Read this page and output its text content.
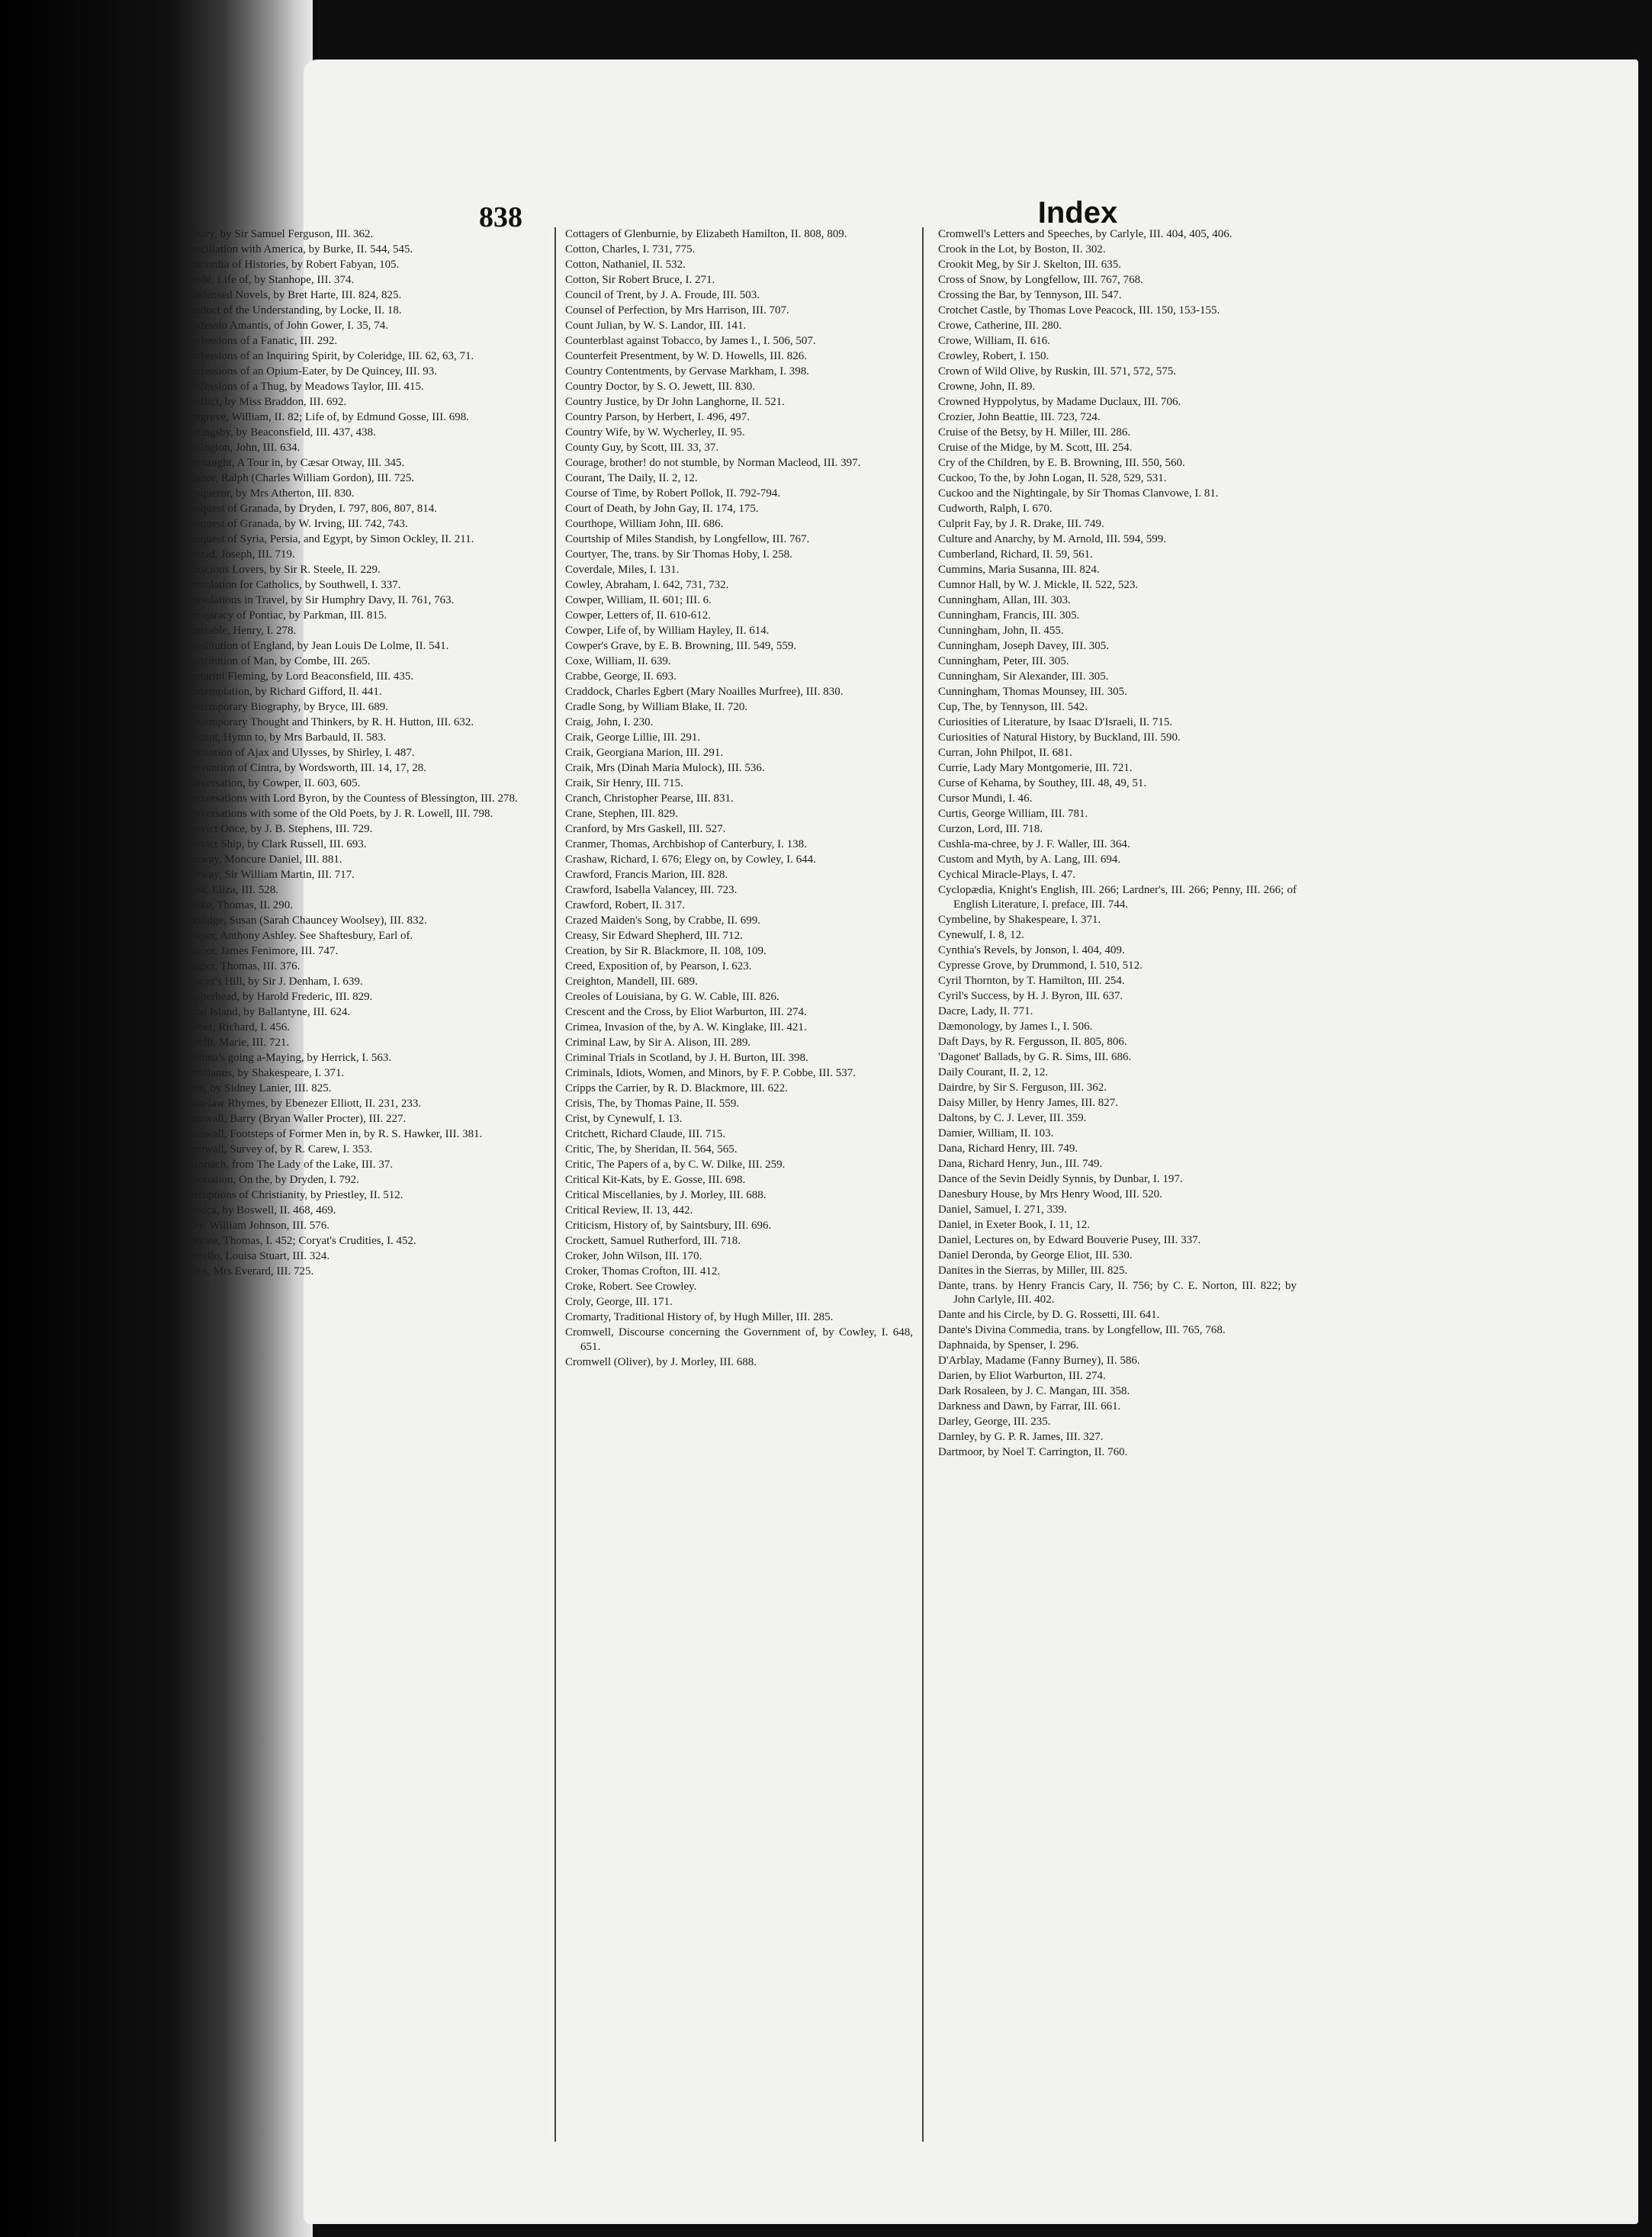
838	Index

Conary, by Sir Samuel Ferguson, III. 362.

Conciliation with America, by Burke, II. 544, 545.

Concordia of Histories, by Robert Fabyan, 105.

Condé, Life of, by Stanhope, III. 374.

Condensed Novels, by Bret Harte, III. 824, 825.

Conduct of the Understanding, by Locke, II. 18.

Confessio Amantis, of John Gower, I. 35, 74.

Confessions of a Fanatic, III. 292.

Confessions of an Inquiring Spirit, by Coleridge, III. 62, 63, 71.

Confessions of an Opium-Eater, by De Quincey, III. 93.

Confessions of a Thug, by Meadows Taylor, III. 415.

Conflict, by Miss Braddon, III. 692.

Congreve, William, II. 82; Life of, by Edmund Gosse, III. 698.

Coningsby, by Beaconsfield, III. 437, 438.

Conington, John, III. 634.

Connaught, A Tour in, by Cæsar Otway, III. 345.

Connor, Ralph (Charles William Gordon), III. 725.

Conqueror, by Mrs Atherton, III. 830.

Conquest of Granada, by Dryden, I. 797, 806, 807, 814.

Conquest of Granada, by W. Irving, III. 742, 743.

Conquest of Syria, Persia, and Egypt, by Simon Ockley, II. 211.

Conrad, Joseph, III. 719.

Conscious Lovers, by Sir R. Steele, II. 229.

Consolation for Catholics, by Southwell, I. 337.

Consolations in Travel, by Sir Humphry Davy, II. 761, 763.

Conspiracy of Pontiac, by Parkman, III. 815.

Constable, Henry, I. 278.

Constitution of England, by Jean Louis De Lolme, II. 541.

Constitution of Man, by Combe, III. 265.

Contarini Fleming, by Lord Beaconsfield, III. 435.

Contemplation, by Richard Gifford, II. 441.

Contemporary Biography, by Bryce, III. 689.

Contemporary Thought and Thinkers, by R. H. Hutton, III. 632.

Content, Hymn to, by Mrs Barbauld, II. 583.

Contention of Ajax and Ulysses, by Shirley, I. 487.

Convention of Cintra, by Wordsworth, III. 14, 17, 28.

Conversation, by Cowper, II. 603, 605.

Conversations with Lord Byron, by the Countess of Blessington, III. 278.

Conversations with some of the Old Poets, by J. R. Lowell, III. 798.

Convict Once, by J. B. Stephens, III. 729.

Convict Ship, by Clark Russell, III. 693.

Conway, Moncure Daniel, III. 881.

Conway, Sir William Martin, III. 717.

Cook, Eliza, III. 528.

Cooke, Thomas, II. 290.

Coolidge, Susan (Sarah Chauncey Woolsey), III. 832.

Cooper, Anthony Ashley. See Shaftesbury, Earl of.

Cooper, James Fenimore, III. 747.

Cooper, Thomas, III. 376.

Cooper's Hill, by Sir J. Denham, I. 639.

Copperhead, by Harold Frederic, III. 829.

Coral Island, by Ballantyne, III. 624.

Corbet, Richard, I. 456.

Corelli, Marie, III. 721.

Corinna's going a-Maying, by Herrick, I. 563.

Coriolanus, by Shakespeare, I. 371.

Corn, by Sidney Lanier, III. 825.

Corn-law Rhymes, by Ebenezer Elliott, II. 231, 233.

Cornwall, Barry (Bryan Waller Procter), III. 227.

Cornwall, Footsteps of Former Men in, by R. S. Hawker, III. 381.

Cornwall, Survey of, by R. Carew, I. 353.

Coronach, from The Lady of the Lake, III. 37.

Coronation, On the, by Dryden, I. 792.

Corruptions of Christianity, by Priestley, II. 512.

Corsica, by Boswell, II. 468, 469.

Cory, William Johnson, III. 576.

Coryate, Thomas, I. 452; Coryat's Crudities, I. 452.

Costello, Louisa Stuart, III. 324.

Cotes, Mrs Everard, III. 725.

Cottagers of Glenburnie, by Elizabeth Hamilton, II. 808, 809.

Cotton, Charles, I. 731, 775.

Cotton, Nathaniel, II. 532.

Cotton, Sir Robert Bruce, I. 271.

Council of Trent, by J. A. Froude, III. 503.

Counsel of Perfection, by Mrs Harrison, III. 707.

Count Julian, by W. S. Landor, III. 141.

Counterblast against Tobacco, by James I., I. 506, 507.

Counterfeit Presentment, by W. D. Howells, III. 826.

Country Contentments, by Gervase Markham, I. 398.

Country Doctor, by S. O. Jewett, III. 830.

Country Justice, by Dr John Langhorne, II. 521.

Country Parson, by Herbert, I. 496, 497.

Country Wife, by W. Wycherley, II. 95.

County Guy, by Scott, III. 33, 37.

Courage, brother! do not stumble, by Norman Macleod, III. 397.

Courant, The Daily, II. 2, 12.

Course of Time, by Robert Pollok, II. 792-794.

Court of Death, by John Gay, II. 174, 175.

Courthope, William John, III. 686.

Courtship of Miles Standish, by Longfellow, III. 767.

Courtyer, The, trans. by Sir Thomas Hoby, I. 258.

Coverdale, Miles, I. 131.

Cowley, Abraham, I. 642, 731, 732.

Cowper, William, II. 601; III. 6.

Cowper, Letters of, II. 610-612.

Cowper, Life of, by William Hayley, II. 614.

Cowper's Grave, by E. B. Browning, III. 549, 559.

Coxe, William, II. 639.

Crabbe, George, II. 693.

Craddock, Charles Egbert (Mary Noailles Murfree), III. 830.

Cradle Song, by William Blake, II. 720.

Craig, John, I. 230.

Craik, George Lillie, III. 291.

Craik, Georgiana Marion, III. 291.

Craik, Mrs (Dinah Maria Mulock), III. 536.

Craik, Sir Henry, III. 715.

Cranch, Christopher Pearse, III. 831.

Crane, Stephen, III. 829.

Cranford, by Mrs Gaskell, III. 527.

Cranmer, Thomas, Archbishop of Canterbury, I. 138.

Crashaw, Richard, I. 676; Elegy on, by Cowley, I. 644.

Crawford, Francis Marion, III. 828.

Crawford, Isabella Valancey, III. 723.

Crawford, Robert, II. 317.

Crazed Maiden's Song, by Crabbe, II. 699.

Creasy, Sir Edward Shepherd, III. 712.

Creation, by Sir R. Blackmore, II. 108, 109.

Creed, Exposition of, by Pearson, I. 623.

Creighton, Mandell, III. 689.

Creoles of Louisiana, by G. W. Cable, III. 826.

Crescent and the Cross, by Eliot Warburton, III. 274.

Crimea, Invasion of the, by A. W. Kinglake, III. 421.

Criminal Law, by Sir A. Alison, III. 289.

Criminal Trials in Scotland, by J. H. Burton, III. 398.

Criminals, Idiots, Women, and Minors, by F. P. Cobbe, III. 537.

Cripps the Carrier, by R. D. Blackmore, III. 622.

Crisis, The, by Thomas Paine, II. 559.

Crist, by Cynewulf, I. 13.

Critchett, Richard Claude, III. 715.

Critic, The, by Sheridan, II. 564, 565.

Critic, The Papers of a, by C. W. Dilke, III. 259.

Critical Kit-Kats, by E. Gosse, III. 698.

Critical Miscellanies, by J. Morley, III. 688.

Critical Review, II. 13, 442.

Criticism, History of, by Saintsbury, III. 696.

Crockett, Samuel Rutherford, III. 718.

Croker, John Wilson, III. 170.

Croker, Thomas Crofton, III. 412.

Croke, Robert. See Crowley.

Croly, George, III. 171.

Cromarty, Traditional History of, by Hugh Miller, III. 285.

Cromwell, Discourse concerning the Government of, by Cowley, I. 648, 651.

Cromwell (Oliver), by J. Morley, III. 688.

Cromwell's Letters and Speeches, by Carlyle, III. 404, 405, 406.

Crook in the Lot, by Boston, II. 302.

Crookit Meg, by Sir J. Skelton, III. 635.

Cross of Snow, by Longfellow, III. 767, 768.

Crossing the Bar, by Tennyson, III. 547.

Crotchet Castle, by Thomas Love Peacock, III. 150, 153-155.

Crowe, Catherine, III. 280.

Crowe, William, II. 616.

Crowley, Robert, I. 150.

Crown of Wild Olive, by Ruskin, III. 571, 572, 575.

Crowne, John, II. 89.

Crowned Hyppolytus, by Madame Duclaux, III. 706.

Crozier, John Beattie, III. 723, 724.

Cruise of the Betsy, by H. Miller, III. 286.

Cruise of the Midge, by M. Scott, III. 254.

Cry of the Children, by E. B. Browning, III. 550, 560.

Cuckoo, To the, by John Logan, II. 528, 529, 531.

Cuckoo and the Nightingale, by Sir Thomas Clanvowe, I. 81.

Cudworth, Ralph, I. 670.

Culprit Fay, by J. R. Drake, III. 749.

Culture and Anarchy, by M. Arnold, III. 594, 599.

Cumberland, Richard, II. 59, 561.

Cummins, Maria Susanna, III. 824.

Cumnor Hall, by W. J. Mickle, II. 522, 523.

Cunningham, Allan, III. 303.

Cunningham, Francis, III. 305.

Cunningham, John, II. 455.

Cunningham, Joseph Davey, III. 305.

Cunningham, Peter, III. 305.

Cunningham, Sir Alexander, III. 305.

Cunningham, Thomas Mounsey, III. 305.

Cup, The, by Tennyson, III. 542.

Curiosities of Literature, by Isaac D'Israeli, II. 715.

Curiosities of Natural History, by Buckland, III. 590.

Curran, John Philpot, II. 681.

Currie, Lady Mary Montgomerie, III. 721.

Curse of Kehama, by Southey, III. 48, 49, 51.

Cursor Mundi, I. 46.

Curtis, George William, III. 781.

Curzon, Lord, III. 718.

Cushla-ma-chree, by J. F. Waller, III. 364.

Custom and Myth, by A. Lang, III. 694.

Cychical Miracle-Plays, I. 47.

Cyclopædia, Knight's English, III. 266; Lardner's, III. 266; Penny, III. 266; of English Literature, I. preface, III. 744.

Cymbeline, by Shakespeare, I. 371.

Cynewulf, I. 8, 12.

Cynthia's Revels, by Jonson, I. 404, 409.

Cypresse Grove, by Drummond, I. 510, 512.

Cyril Thornton, by T. Hamilton, III. 254.

Cyril's Success, by H. J. Byron, III. 637.

Dacre, Lady, II. 771.

Dæmonology, by James I., I. 506.

Daft Days, by R. Fergusson, II. 805, 806.

'Dagonet' Ballads, by G. R. Sims, III. 686.

Daily Courant, II. 2, 12.

Dairdre, by Sir S. Ferguson, III. 362.

Daisy Miller, by Henry James, III. 827.

Daltons, by C. J. Lever, III. 359.

Damier, William, II. 103.

Dana, Richard Henry, III. 749.

Dana, Richard Henry, Jun., III. 749.

Dance of the Sevin Deidly Synnis, by Dunbar, I. 197.

Danesbury House, by Mrs Henry Wood, III. 520.

Daniel, Samuel, I. 271, 339.

Daniel, in Exeter Book, I. 11, 12.

Daniel, Lectures on, by Edward Bouverie Pusey, III. 337.

Daniel Deronda, by George Eliot, III. 530.

Danites in the Sierras, by Miller, III. 825.

Dante, trans. by Henry Francis Cary, II. 756; by C. E. Norton, III. 822; by John Carlyle, III. 402.

Dante and his Circle, by D. G. Rossetti, III. 641.

Dante's Divina Commedia, trans. by Longfellow, III. 765, 768.

Daphnaida, by Spenser, I. 296.

D'Arblay, Madame (Fanny Burney), II. 586.

Darien, by Eliot Warburton, III. 274.

Dark Rosaleen, by J. C. Mangan, III. 358.

Darkness and Dawn, by Farrar, III. 661.

Darley, George, III. 235.

Darnley, by G. P. R. James, III. 327.

Dartmoor, by Noel T. Carrington, II. 760.
